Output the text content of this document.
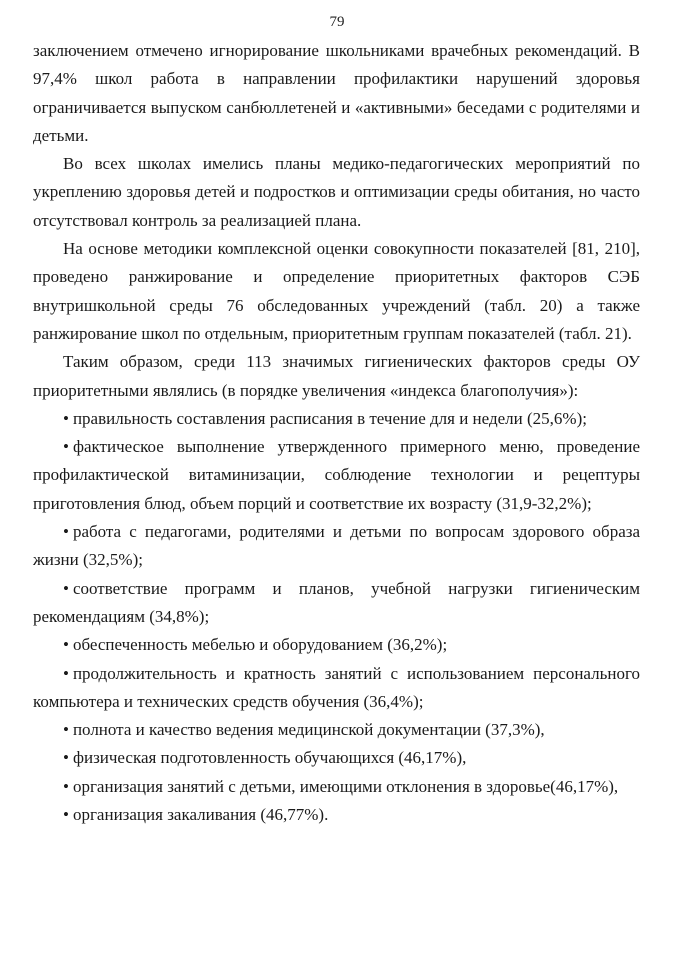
79

заключением отмечено игнорирование школьниками врачебных рекомендаций. В 97,4% школ работа в направлении профилактики нарушений здоровья ограничивается выпуском санбюллетеней и «активными» беседами с родителями и детьми.

Во всех школах имелись планы медико-педагогических мероприятий по укреплению здоровья детей и подростков и оптимизации среды обитания, но часто отсутствовал контроль за реализацией плана.

На основе методики комплексной оценки совокупности показателей [81, 210], проведено ранжирование и определение приоритетных факторов СЭБ внутришкольной среды 76 обследованных учреждений (табл. 20) а также ранжирование школ по отдельным, приоритетным группам показателей (табл. 21).

Таким образом, среди 113 значимых гигиенических факторов среды ОУ приоритетными являлись (в порядке увеличения «индекса благополучия»):

• правильность составления расписания в течение для и недели (25,6%);

• фактическое выполнение утвержденного примерного меню, проведение профилактической витаминизации, соблюдение технологии и рецептуры приготовления блюд, объем порций и соответствие их возрасту (31,9-32,2%);

• работа с педагогами, родителями и детьми по вопросам здорового образа жизни (32,5%);

• соответствие программ и планов, учебной нагрузки гигиеническим рекомендациям (34,8%);

• обеспеченность мебелью и оборудованием (36,2%);

• продолжительность и кратность занятий с использованием персонального компьютера и технических средств обучения (36,4%);

• полнота и качество ведения медицинской документации (37,3%),

• физическая подготовленность обучающихся (46,17%),

• организация занятий с детьми, имеющими отклонения в здоровье(46,17%),

• организация закаливания (46,77%).
